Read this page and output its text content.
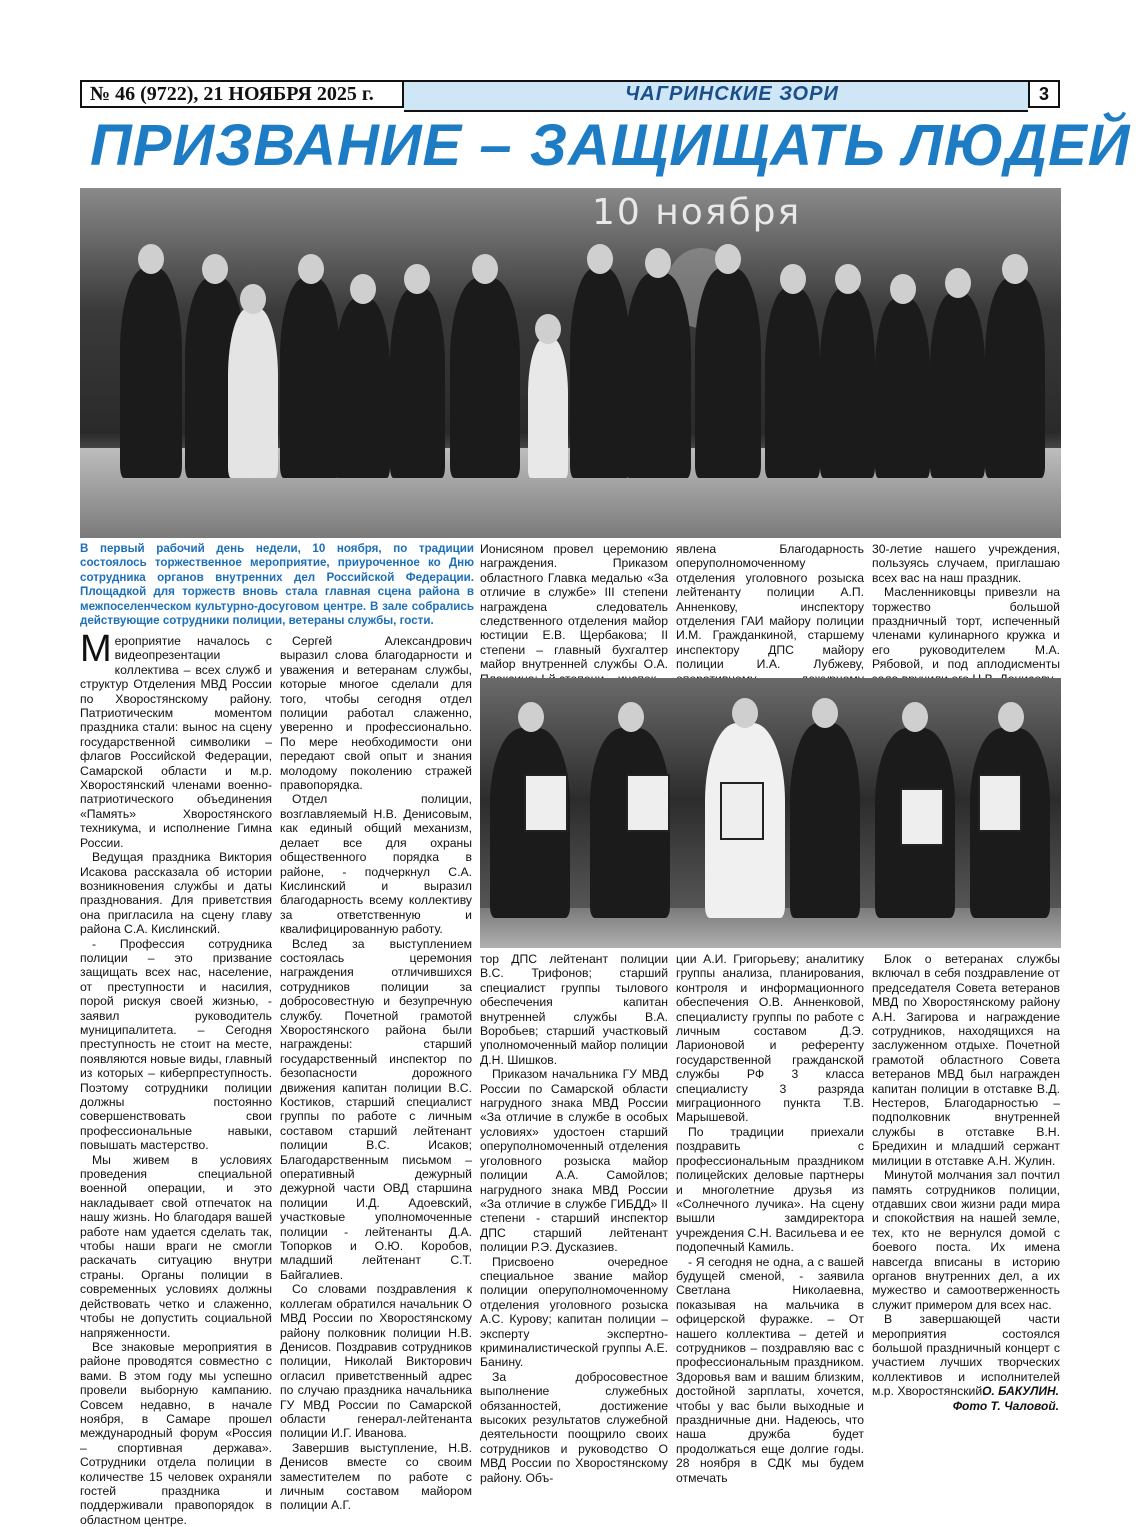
№ 46 (9722), 21 НОЯБРЯ 2025 г.	ЧАГРИНСКИЕ ЗОРИ	3
ПРИЗВАНИЕ – ЗАЩИЩАТЬ ЛЮДЕЙ
10 ноября
В первый рабочий день недели, 10 ноября, по традиции состоялось торжественное мероприятие, приуроченное ко Дню сотрудника органов внутренних дел Российской Федерации. Площадкой для торжеств вновь стала главная сцена района в межпоселенческом культурно-досуговом центре. В зале собрались действующие сотрудники полиции, ветераны службы, гости.

Мероприятие началось с видеопрезентации коллектива – всех служб и структур Отделения МВД России по Хворостянскому району. Патриотическим моментом праздника стали: вынос на сцену государственной символики – флагов Российской Федерации, Самарской области и м.р. Хворостянский членами военно-патриотического объединения «Память» Хворостянского техникума, и исполнение Гимна России.

Ведущая праздника Виктория Исакова рассказала об истории возникновения службы и даты празднования. Для приветствия она пригласила на сцену главу района С.А. Кислинский.

- Профессия сотрудника полиции – это призвание защищать всех нас, население, от преступности и насилия, порой рискуя своей жизнью, - заявил руководитель муниципалитета. – Сегодня преступность не стоит на месте, появляются новые виды, главный из которых – киберпреступность. Поэтому сотрудники полиции должны постоянно совершенствовать свои профессиональные навыки, повышать мастерство.

Мы живем в условиях проведения специальной военной операции, и это накладывает свой отпечаток на нашу жизнь. Но благодаря вашей работе нам удается сделать так, чтобы наши враги не смогли раскачать ситуацию внутри страны. Органы полиции в современных условиях должны действовать четко и слаженно, чтобы не допустить социальной напряженности.

Все знаковые мероприятия в районе проводятся совместно с вами. В этом году мы успешно провели выборную кампанию. Совсем недавно, в начале ноября, в Самаре прошел международный форум «Россия – спортивная держава». Сотрудники отдела полиции в количестве 15 человек охраняли гостей праздника и поддерживали правопорядок в областном центре.

Сергей Александрович выразил слова благодарности и уважения и ветеранам службы, которые многое сделали для того, чтобы сегодня отдел полиции работал слаженно, уверенно и профессионально. По мере необходимости они передают свой опыт и знания молодому поколению стражей правопорядка.

Отдел полиции, возглавляемый Н.В. Денисовым, как единый общий механизм, делает все для охраны общественного порядка в районе, - подчеркнул С.А. Кислинский и выразил благодарность всему коллективу за ответственную и квалифицированную работу.

Вслед за выступлением состоялась церемония награждения отличившихся сотрудников полиции за добросовестную и безупречную службу. Почетной грамотой Хворостянского района были награждены: старший государственный инспектор по безопасности дорожного движения капитан полиции В.С. Костиков, старший специалист группы по работе с личным составом старший лейтенант полиции В.С. Исаков; Благодарственным письмом – оперативный дежурный дежурной части ОВД старшина полиции И.Д. Адоевский, участковые уполномоченные полиции - лейтенанты Д.А. Топорков и О.Ю. Коробов, младший лейтенант С.Т. Байгалиев.

Со словами поздравления к коллегам обратился начальник О МВД России по Хворостянскому району полковник полиции Н.В. Денисов. Поздравив сотрудников полиции, Николай Викторович огласил приветственный адрес по случаю праздника начальника ГУ МВД России по Самарской области генерал-лейтенанта полиции И.Г. Иванова.

Завершив выступление, Н.В. Денисов вместе со своим заместителем по работе с личным составом майором полиции А.Г.

Ионисяном провел церемонию награждения. Приказом областного Главка медалью «За отличие в службе» III степени награждена следователь следственного отделения майор юстиции Е.В. Щербакова; II степени – главный бухгалтер майор внутренней службы О.А.

явлена Благодарность оперуполномоченному отделения уголовного розыска лейтенанту полиции А.П. Анненкову, инспектору отделения ГАИ майору полиции И.М. Гражданкиной, старшему инспектору ДПС майору полиции И.А. Лубжеву,

30-летие нашего учреждения, пользуясь случаем, приглашаю всех вас на наш праздник.

Масленниковцы привезли на торжество большой праздничный торт, испеченный членами кулинарного кружка и его руководителем М.А. Рябовой, и под аплодисменты

тор ДПС лейтенант полиции В.С. Трифонов; старший специалист группы тылового обеспечения капитан внутренней службы В.А. Воробьев; старший участковый уполномоченный майор полиции Д.Н. Шишков.

Приказом начальника ГУ МВД России по Самарской области нагрудного знака МВД России «За отличие в службе в особых условиях» удостоен старший оперуполномоченный отделения уголовного розыска майор полиции А.А. Самойлов; нагрудного знака МВД России «За отличие в службе ГИБДД» II степени - старший инспектор ДПС старший лейтенант полиции Р.Э. Дусказиев.

Присвоено очередное специальное звание майор полиции оперуполномоченному отделения уголовного розыска А.С. Курову; капитан полиции – эксперту экспертно-криминалистической группы А.Е. Банину.

За добросовестное выполнение служебных обязанностей, достижение высоких результатов служебной деятельности поощрило своих сотрудников и руководство О МВД России по Хворостянскому району. Объ-

ции А.И. Григорьеву; аналитику группы анализа, планирования, контроля и информационного обеспечения О.В. Анненковой, специалисту группы по работе с личным составом Д.Э. Ларионовой и референту государственной гражданской службы РФ 3 класса специалисту 3 разряда миграционного пункта Т.В. Марышевой.

По традиции приехали поздравить с профессиональным праздником полицейских деловые партнеры и многолетние друзья из «Солнечного лучика». На сцену вышли замдиректора учреждения С.Н. Васильева и ее подопечный Камиль.

- Я сегодня не одна, а с вашей будущей сменой, - заявила Светлана Николаевна, показывая на мальчика в офицерской фуражке. – От нашего коллектива – детей и сотрудников – поздравляю вас с профессиональным праздником. Здоровья вам и вашим близким, достойной зарплаты, хочется, чтобы у вас были выходные и праздничные дни. Надеюсь, что наша дружба будет продолжаться еще долгие годы. 28 ноября в СДК мы будем отмечать

Блок о ветеранах службы включал в себя поздравление от председателя Совета ветеранов МВД по Хворостянскому району А.Н. Загирова и награждение сотрудников, находящихся на заслуженном отдыхе. Почетной грамотой областного Совета ветеранов МВД был награжден капитан полиции в отставке В.Д. Нестеров, Благодарностью – подполковник внутренней службы в отставке В.Н. Бредихин и младший сержант милиции в отставке А.Н. Жулин.

Минутой молчания зал почтил память сотрудников полиции, отдавших свои жизни ради мира и спокойствия на нашей земле, тех, кто не вернулся домой с боевого поста. Их имена навсегда вписаны в историю органов внутренних дел, а их мужество и самоотверженность служит примером для всех нас.

В завершающей части мероприятия состоялся большой праздничный концерт с участием лучших творческих коллективов и исполнителей м.р. Хворостянский.

О. БАКУЛИН.
Фото Т. Чаловой.
